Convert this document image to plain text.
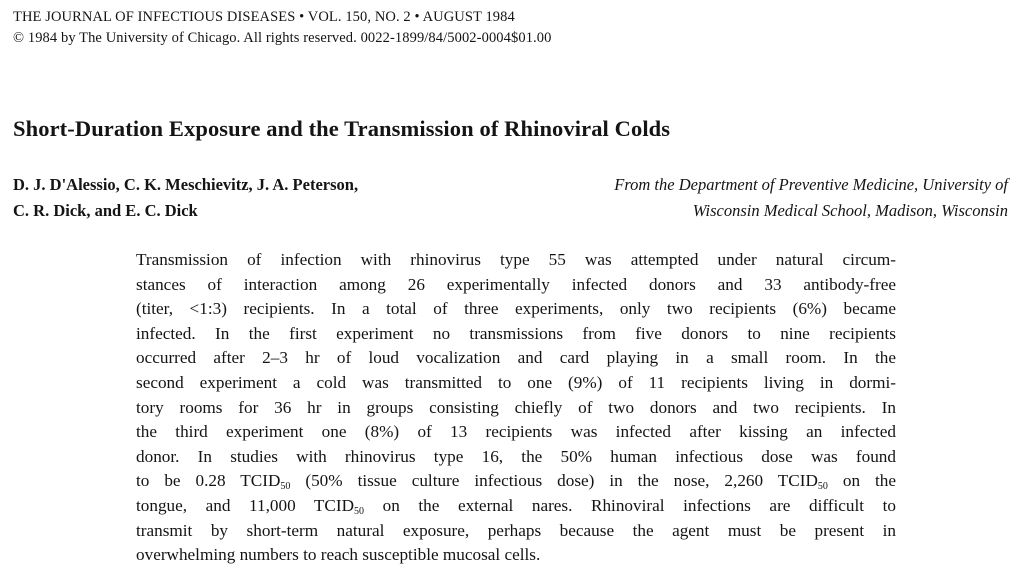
THE JOURNAL OF INFECTIOUS DISEASES • VOL. 150, NO. 2 • AUGUST 1984
© 1984 by The University of Chicago. All rights reserved. 0022-1899/84/5002-0004$01.00
Short-Duration Exposure and the Transmission of Rhinoviral Colds
D. J. D'Alessio, C. K. Meschievitz, J. A. Peterson,
C. R. Dick, and E. C. Dick
From the Department of Preventive Medicine, University of
Wisconsin Medical School, Madison, Wisconsin
Transmission of infection with rhinovirus type 55 was attempted under natural circum-
stances of interaction among 26 experimentally infected donors and 33 antibody-free
(titer, <1:3) recipients. In a total of three experiments, only two recipients (6%) became
infected. In the first experiment no transmissions from five donors to nine recipients
occurred after 2–3 hr of loud vocalization and card playing in a small room. In the
second experiment a cold was transmitted to one (9%) of 11 recipients living in dormi-
tory rooms for 36 hr in groups consisting chiefly of two donors and two recipients. In
the third experiment one (8%) of 13 recipients was infected after kissing an infected
donor. In studies with rhinovirus type 16, the 50% human infectious dose was found
to be 0.28 $TCID_{50}$ (50% tissue culture infectious dose) in the nose, 2,260 $TCID_{50}$ on the
tongue, and 11,000 $TCID_{50}$ on the external nares. Rhinoviral infections are difficult to
transmit by short-term natural exposure, perhaps because the agent must be present in
overwhelming numbers to reach susceptible mucosal cells.
